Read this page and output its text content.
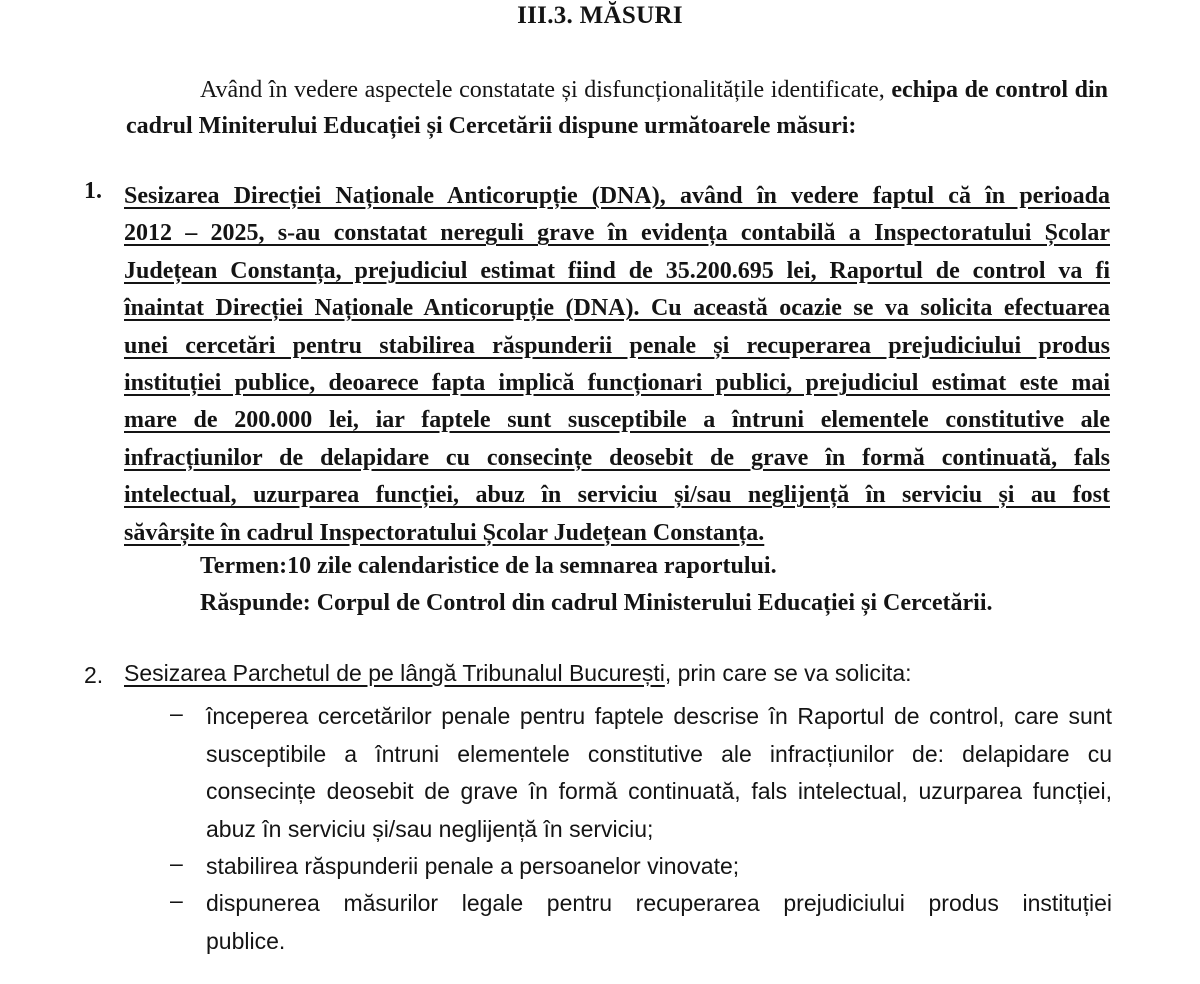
III.3. MĂSURI
Având în vedere aspectele constatate și disfuncționalitățile identificate, echipa de control din cadrul Miniterului Educației și Cercetării dispune următoarele măsuri:
1. Sesizarea Direcției Naționale Anticorupție (DNA), având în vedere faptul că în perioada
2012 – 2025, s-au constatat nereguli grave în evidența contabilă a Inspectoratului Școlar
Județean Constanța, prejudiciul estimat fiind de 35.200.695 lei, Raportul de control va fi
înaintat Direcției Naționale Anticorupție (DNA). Cu această ocazie se va solicita efectuarea
unei cercetări pentru stabilirea răspunderii penale și recuperarea prejudiciului produs
instituției publice, deoarece fapta implică funcționari publici, prejudiciul estimat este mai
mare de 200.000 lei, iar faptele sunt susceptibile a întruni elementele constitutive ale
infracțiunilor de delapidare cu consecințe deosebit de grave în formă continuată, fals
intelectual, uzurparea funcției, abuz în serviciu și/sau neglijență în serviciu și au fost
săvârșite în cadrul Inspectoratului Școlar Județean Constanța.
Termen:10 zile calendaristice de la semnarea raportului.
Răspunde: Corpul de Control din cadrul Ministerului Educației și Cercetării.
2. Sesizarea Parchetul de pe lângă Tribunalul București, prin care se va solicita:
– începerea cercetărilor penale pentru faptele descrise în Raportul de control, care sunt
susceptibile a întruni elementele constitutive ale infracțiunilor de: delapidare cu
consecințe deosebit de grave în formă continuată, fals intelectual, uzurparea funcției,
abuz în serviciu și/sau neglijență în serviciu;
– stabilirea răspunderii penale a persoanelor vinovate;
– dispunerea măsurilor legale pentru recuperarea prejudiciului produs instituției
publice.
